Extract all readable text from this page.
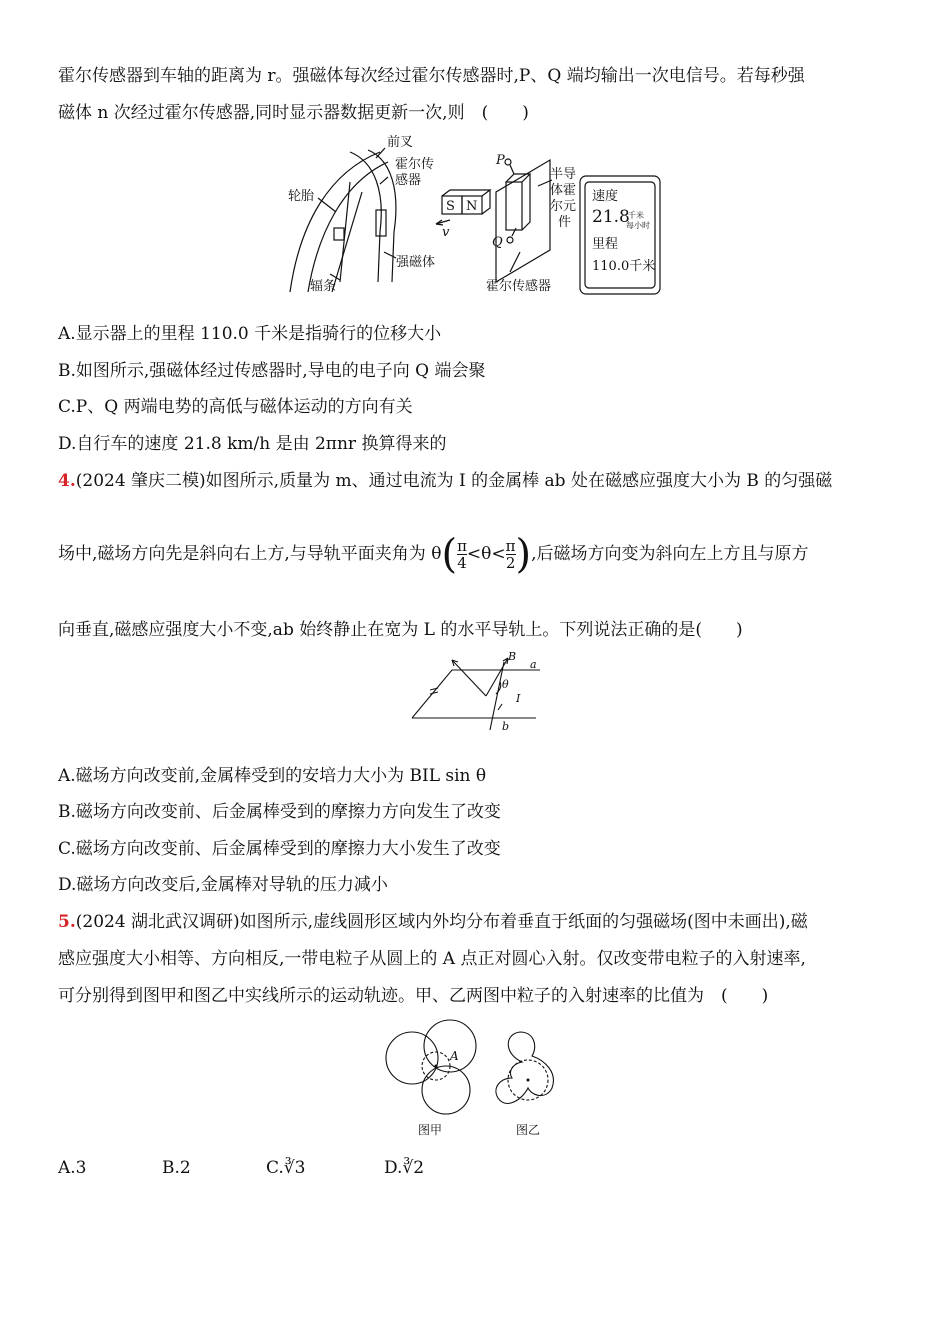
霍尔传感器到车轴的距离为 r。强磁体每次经过霍尔传感器时,P、Q 端均输出一次电信号。若每秒强
磁体 n 次经过霍尔传感器,同时显示器数据更新一次,则　(　　)
前叉
霍尔传
感器
轮胎
强磁体
辐条
S N
v
P
Q
半导
体霍
尔元
件
霍尔传感器
速度
21.8
千米
每小时
里程
110.0千米
A.显示器上的里程 110.0 千米是指骑行的位移大小
B.如图所示,强磁体经过传感器时,导电的电子向 Q 端会聚
C.P、Q 两端电势的高低与磁体运动的方向有关
D.自行车的速度 21.8 km/h 是由 2πnr 换算得来的
4.(2024 肇庆二模)如图所示,质量为 m、通过电流为 I 的金属棒 ab 处在磁感应强度大小为 B 的匀强磁
场中,磁场方向先是斜向右上方,与导轨平面夹角为 $\theta( \frac{\pi}{4} <\theta< \frac{\pi}{2}$ ),后磁场方向变为斜向左上方且与原方
向垂直,磁感应强度大小不变,ab 始终静止在宽为 L 的水平导轨上。下列说法正确的是(　　)
B
a
b
θ
I
A.磁场方向改变前,金属棒受到的安培力大小为 BIL sin θ
B.磁场方向改变前、后金属棒受到的摩擦力方向发生了改变
C.磁场方向改变前、后金属棒受到的摩擦力大小发生了改变
D.磁场方向改变后,金属棒对导轨的压力减小
5.(2024 湖北武汉调研)如图所示,虚线圆形区域内外均分布着垂直于纸面的匀强磁场(图中未画出),磁
感应强度大小相等、方向相反,一带电粒子从圆上的 A 点正对圆心入射。仅改变带电粒子的入射速率,
可分别得到图甲和图乙中实线所示的运动轨迹。甲、乙两图中粒子的入射速率的比值为　(　　)
A
图甲	图乙
A.3	B.2	C.∛3	D.∛2
